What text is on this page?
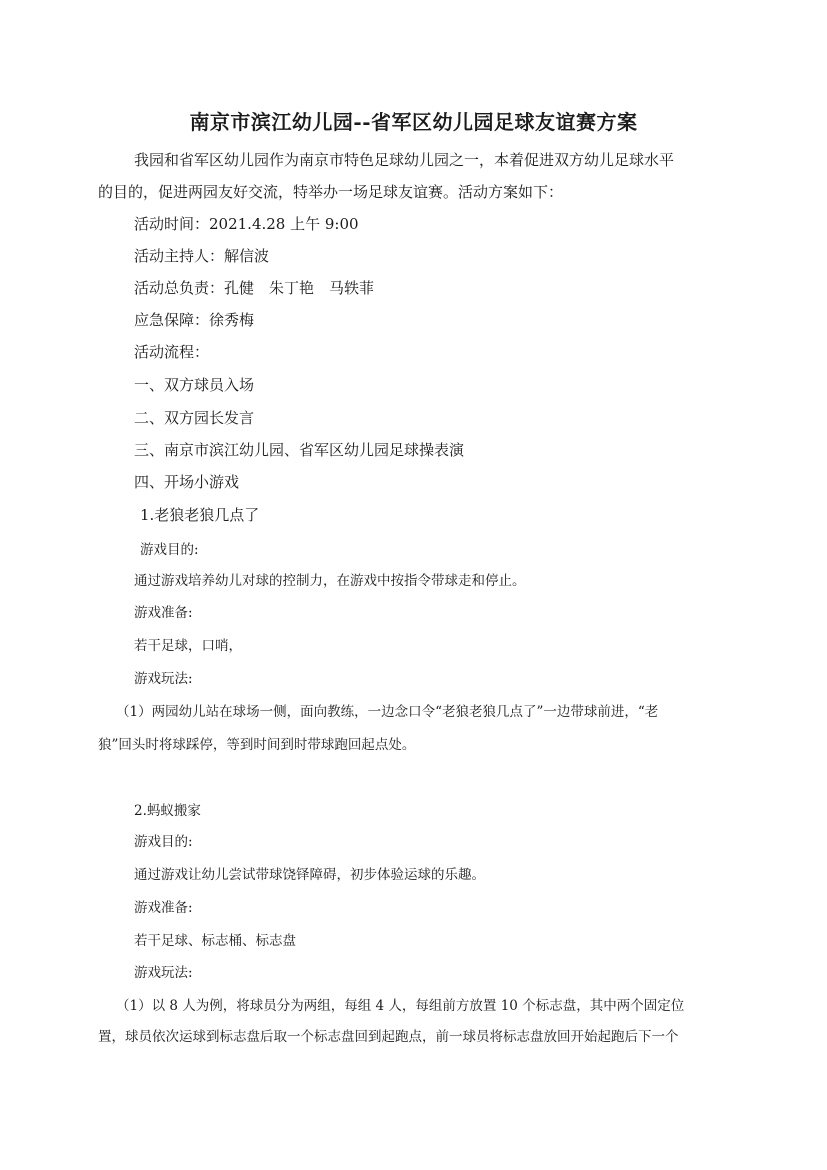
南京市滨江幼儿园--省军区幼儿园足球友谊赛方案
我园和省军区幼儿园作为南京市特色足球幼儿园之一，本着促进双方幼儿足球水平
的目的，促进两园友好交流，特举办一场足球友谊赛。活动方案如下：
活动时间：2021.4.28 上午 9:00
活动主持人：解信波
活动总负责：孔健　朱丁艳　马轶菲
应急保障：徐秀梅
活动流程：
一、双方球员入场
二、双方园长发言
三、南京市滨江幼儿园、省军区幼儿园足球操表演
四、开场小游戏
1.老狼老狼几点了
游戏目的:
通过游戏培养幼儿对球的控制力，在游戏中按指令带球走和停止。
游戏准备:
若干足球，口哨，
游戏玩法:
（1）两园幼儿站在球场一侧，面向教练，一边念口令“老狼老狼几点了”一边带球前进，“老
狼”回头时将球踩停，等到时间到时带球跑回起点处。
2.蚂蚁搬家
游戏目的:
通过游戏让幼儿尝试带球饶铎障碍，初步体验运球的乐趣。
游戏准备:
若干足球、标志桶、标志盘
游戏玩法:
（1）以 8 人为例，将球员分为两组，每组 4 人，每组前方放置 10 个标志盘，其中两个固定位
置，球员依次运球到标志盘后取一个标志盘回到起跑点，前一球员将标志盘放回开始起跑后下一个
